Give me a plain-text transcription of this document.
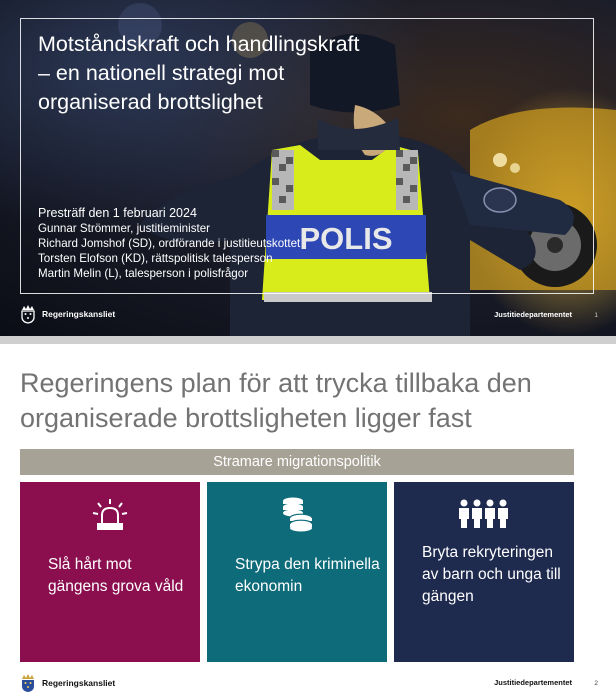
POLIS
Motståndskraft och handlingskraft – en nationell strategi mot organiserad brottslighet
Presträff den 1 februari 2024
Gunnar Strömmer, justitieminister
Richard Jomshof (SD), ordförande i justitieutskottet
Torsten Elofson (KD), rättspolitisk talesperson
Martin Melin (L), talesperson i polisfrågor
Regeringskansliet	Justitiedepartementet	1
Regeringens plan för att trycka tillbaka den organiserade brottsligheten ligger fast
Stramare migrationspolitik
Slå hårt mot gängens grova våld
Strypa den kriminella ekonomin
Bryta rekryteringen av barn och unga till gängen
Regeringskansliet	Justitiedepartementet	2
